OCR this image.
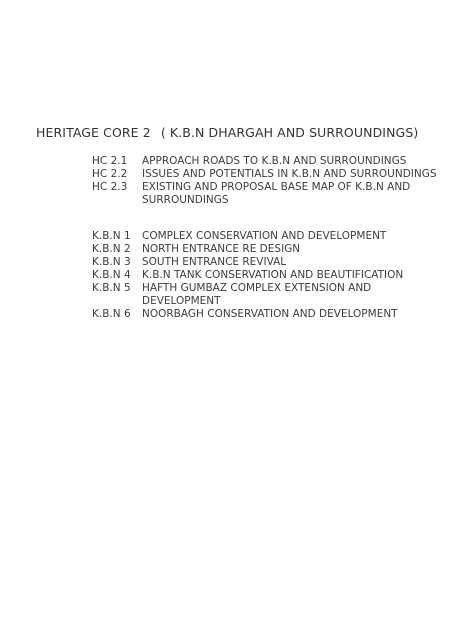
HERITAGE CORE 2 ( K.B.N DHARGAH AND SURROUNDINGS)
HC 2.1	APPROACH ROADS TO K.B.N AND SURROUNDINGS
HC 2.2	ISSUES AND POTENTIALS IN K.B.N AND SURROUNDINGS
HC 2.3	EXISTING AND PROPOSAL BASE MAP OF K.B.N AND SURROUNDINGS
K.B.N 1	COMPLEX CONSERVATION AND DEVELOPMENT
K.B.N 2	NORTH ENTRANCE RE DESIGN
K.B.N 3	SOUTH ENTRANCE REVIVAL
K.B.N 4	K.B.N TANK CONSERVATION AND BEAUTIFICATION
K.B.N 5	HAFTH GUMBAZ COMPLEX EXTENSION AND DEVELOPMENT
K.B.N 6	NOORBAGH CONSERVATION AND DEVELOPMENT
